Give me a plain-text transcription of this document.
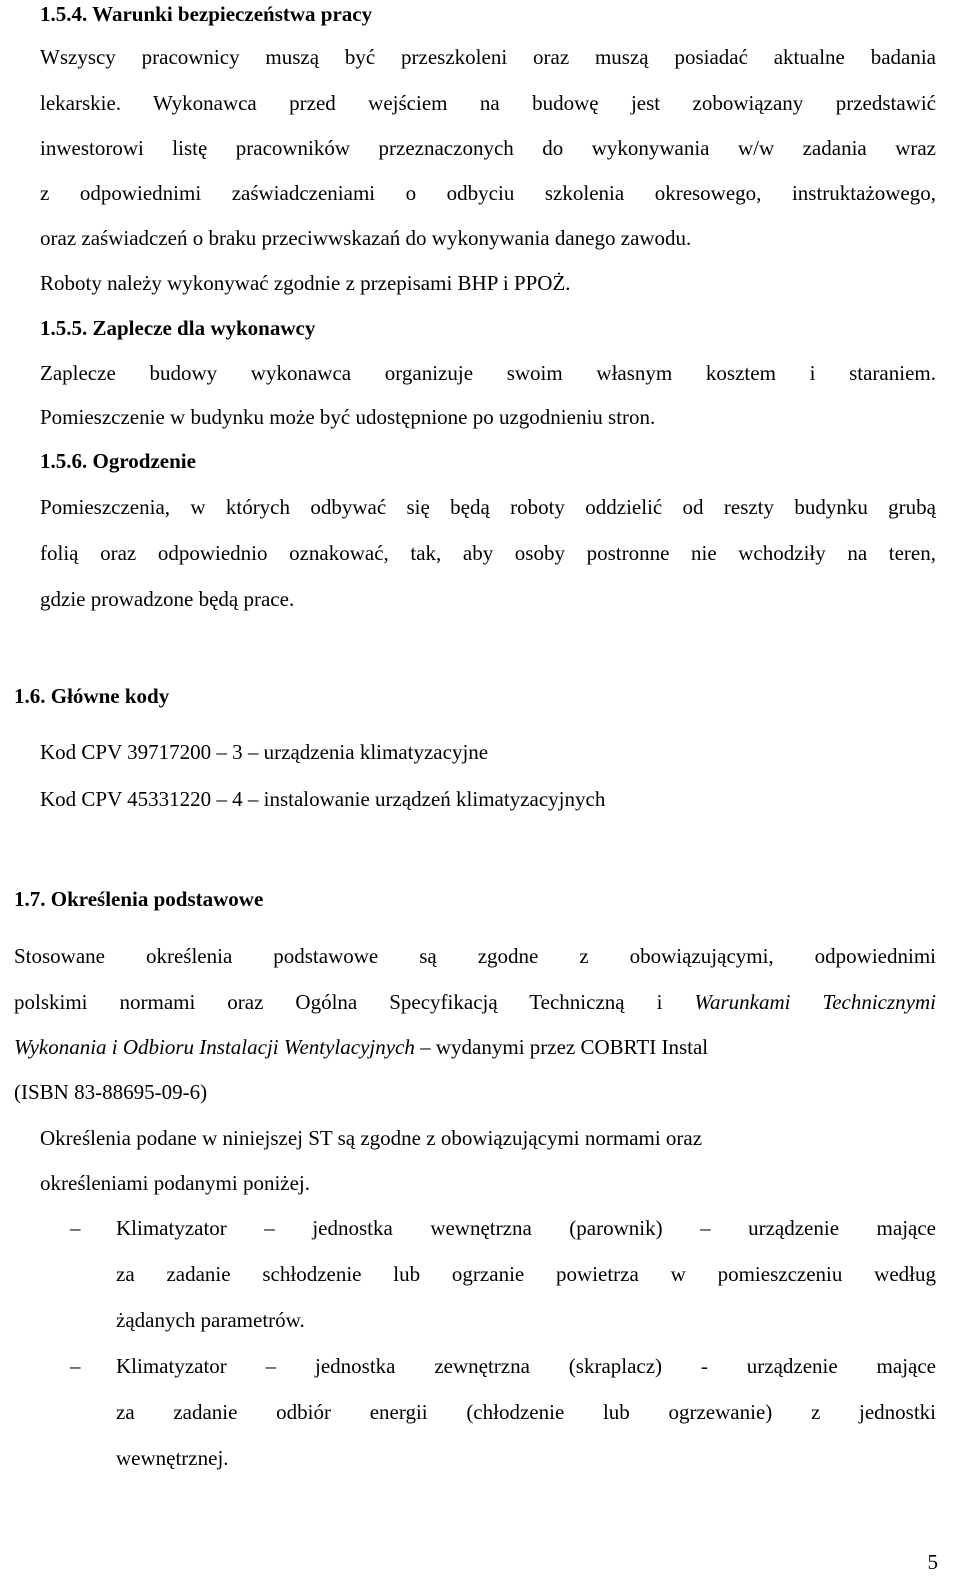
1.5.4. Warunki bezpieczeństwa pracy
Wszyscy pracownicy muszą być przeszkoleni oraz muszą posiadać aktualne badania
lekarskie. Wykonawca przed wejściem na budowę jest zobowiązany przedstawić
inwestorowi listę pracowników przeznaczonych do wykonywania w/w zadania wraz
z odpowiednimi zaświadczeniami o odbyciu szkolenia okresowego, instruktażowego,
oraz zaświadczeń o braku przeciwwskazań do wykonywania danego zawodu.
Roboty należy wykonywać zgodnie z przepisami BHP i PPOŻ.
1.5.5. Zaplecze dla wykonawcy
Zaplecze budowy wykonawca organizuje swoim własnym kosztem i staraniem.
Pomieszczenie w budynku może być udostępnione po uzgodnieniu stron.
1.5.6. Ogrodzenie
Pomieszczenia, w których odbywać się będą roboty oddzielić od reszty budynku grubą
folią oraz odpowiednio oznakować, tak, aby osoby postronne nie wchodziły na teren,
gdzie prowadzone będą prace.
1.6. Główne kody
Kod CPV 39717200 – 3 – urządzenia klimatyzacyjne
Kod CPV 45331220 – 4 – instalowanie urządzeń klimatyzacyjnych
1.7. Określenia podstawowe
Stosowane określenia podstawowe są zgodne z obowiązującymi, odpowiednimi
polskimi normami oraz Ogólna Specyfikacją Techniczną i Warunkami Technicznymi
Wykonania i Odbioru Instalacji Wentylacyjnych – wydanymi przez COBRTI Instal
(ISBN 83-88695-09-6)
Określenia podane w niniejszej ST są zgodne z obowiązującymi normami oraz
określeniami podanymi poniżej.
– Klimatyzator – jednostka wewnętrzna (parownik) – urządzenie mające
za zadanie schłodzenie lub ogrzanie powietrza w pomieszczeniu według
żądanych parametrów.
– Klimatyzator – jednostka zewnętrzna (skraplacz) - urządzenie mające
za zadanie odbiór energii (chłodzenie lub ogrzewanie) z jednostki
wewnętrznej.
5
